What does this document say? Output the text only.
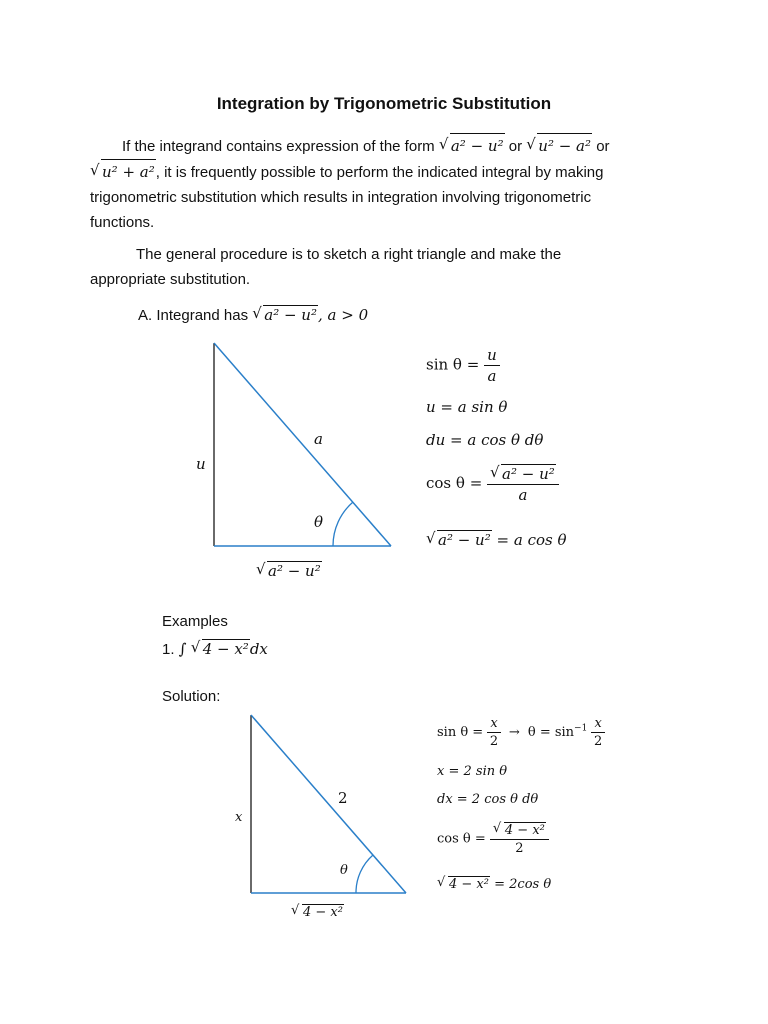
Integration by Trigonometric Substitution
If the integrand contains expression of the form √ a² − u² or √ u² − a² or
√ u² + a², it is frequently possible to perform the indicated integral by making
trigonometric substitution which results in integration involving trigonometric
functions.
The general procedure is to sketch a right triangle and make the
appropriate substitution.
A. Integrand has √ a² − u², a > 0
u
a
θ
√ a² − u²
$\sin \theta = \frac{u}{a}$
u = a sin θ
du = a cos θ dθ
$\cos \theta = \frac{\text{√ a² − u²}}{a}$
√ a² − u² = a cos θ
Examples
1. ∫ √ 4 − x²dx
Solution:
x
2
θ
√ 4 − x²
$\sin \theta = \frac{x}{2} \to \theta = \sin^{-1} \frac{x}{2}$
x = 2 sin θ
dx = 2 cos θ dθ
$\cos \theta = \frac{\text{√ 4 − x²}}{2}$
√ 4 − x² = 2cos θ
